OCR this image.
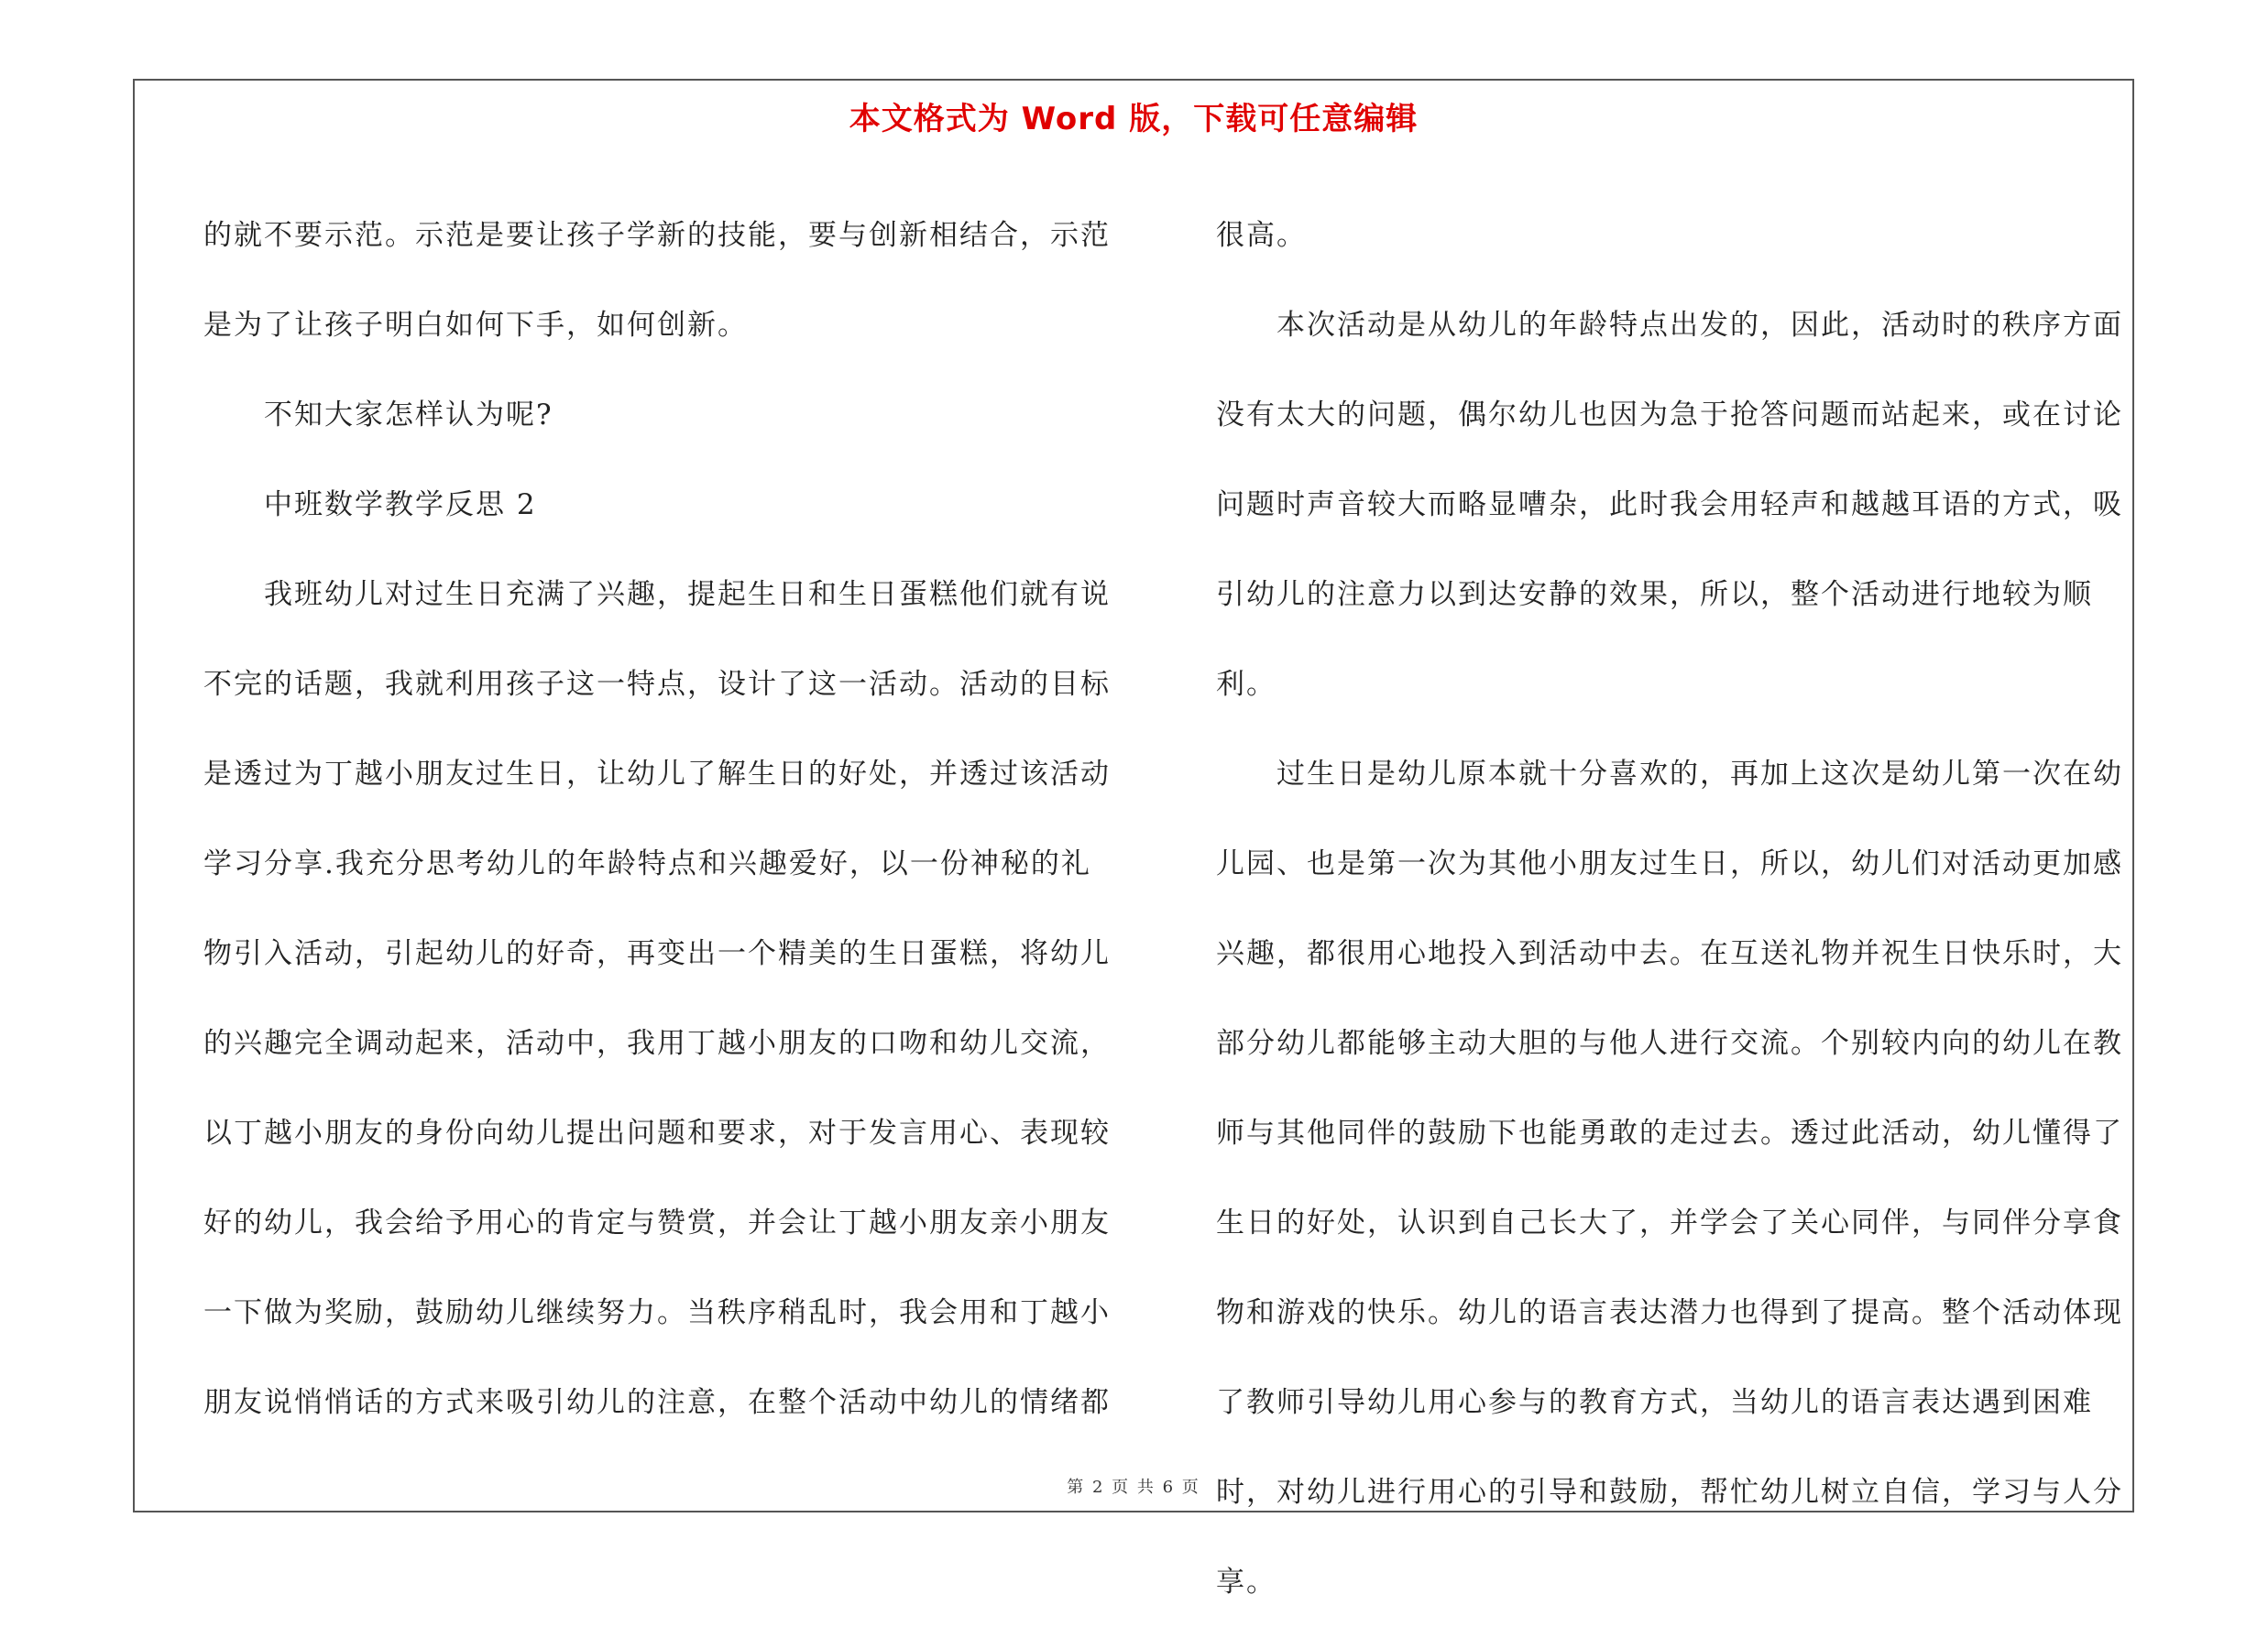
本文格式为 Word 版，下载可任意编辑

的就不要示范。示范是要让孩子学新的技能，要与创新相结合，示范是为了让孩子明白如何下手，如何创新。

不知大家怎样认为呢?

中班数学教学反思 2

我班幼儿对过生日充满了兴趣，提起生日和生日蛋糕他们就有说不完的话题，我就利用孩子这一特点，设计了这一活动。活动的目标是透过为丁越小朋友过生日，让幼儿了解生日的好处，并透过该活动学习分享.我充分思考幼儿的年龄特点和兴趣爱好，以一份神秘的礼物引入活动，引起幼儿的好奇，再变出一个精美的生日蛋糕，将幼儿的兴趣完全调动起来，活动中，我用丁越小朋友的口吻和幼儿交流，以丁越小朋友的身份向幼儿提出问题和要求，对于发言用心、表现较好的幼儿，我会给予用心的肯定与赞赏，并会让丁越小朋友亲小朋友一下做为奖励，鼓励幼儿继续努力。当秩序稍乱时，我会用和丁越小朋友说悄悄话的方式来吸引幼儿的注意，在整个活动中幼儿的情绪都

很高。

本次活动是从幼儿的年龄特点出发的，因此，活动时的秩序方面没有太大的问题，偶尔幼儿也因为急于抢答问题而站起来，或在讨论问题时声音较大而略显嘈杂，此时我会用轻声和越越耳语的方式，吸引幼儿的注意力以到达安静的效果，所以，整个活动进行地较为顺利。

过生日是幼儿原本就十分喜欢的，再加上这次是幼儿第一次在幼儿园、也是第一次为其他小朋友过生日，所以，幼儿们对活动更加感兴趣，都很用心地投入到活动中去。在互送礼物并祝生日快乐时，大部分幼儿都能够主动大胆的与他人进行交流。个别较内向的幼儿在教师与其他同伴的鼓励下也能勇敢的走过去。透过此活动，幼儿懂得了生日的好处，认识到自己长大了，并学会了关心同伴，与同伴分享食物和游戏的快乐。幼儿的语言表达潜力也得到了提高。整个活动体现了教师引导幼儿用心参与的教育方式，当幼儿的语言表达遇到困难时，对幼儿进行用心的引导和鼓励，帮忙幼儿树立自信，学习与人分享。

第 2 页 共 6 页
